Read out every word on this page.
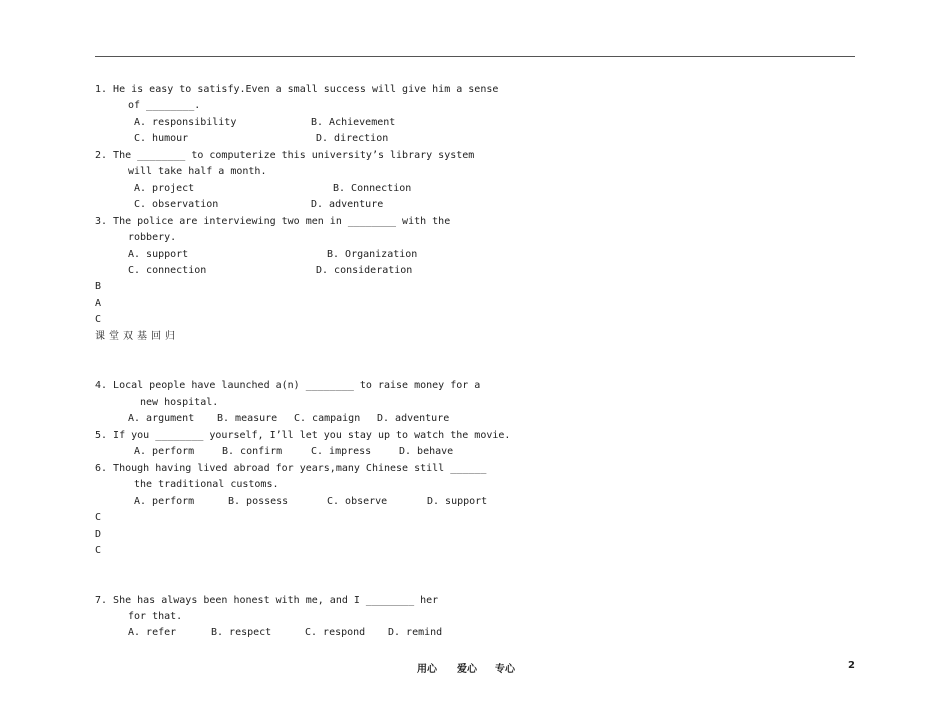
1. He is easy to satisfy.Even a small success will give him a sense
of ________.
A. responsibility	B. Achievement
C. humour	D. direction
2. The ________ to computerize this university’s library system
will take half a month.
A. project	B. Connection
C. observation	D. adventure
3. The police are interviewing two men in ________ with the
robbery.
A. support	B. Organization
C. connection	D. consideration
B
A
C
课堂双基回归
4. Local people have launched a(n) ________ to raise money for a
new hospital.
A. argument B. measure C. campaign D. adventure
5. If you ________ yourself, I’ll let you stay up to watch the movie.
A. perform	B. confirm	C. impress	D. behave
6. Though having lived abroad for years,many Chinese still ______
the traditional customs.
A. perform	B. possess	C. observe	D. support
C
D
C
7. She has always been honest with me, and I ________ her
for that.
A. refer	B. respect	C. respond D. remind
用心 爱心 专心	2
